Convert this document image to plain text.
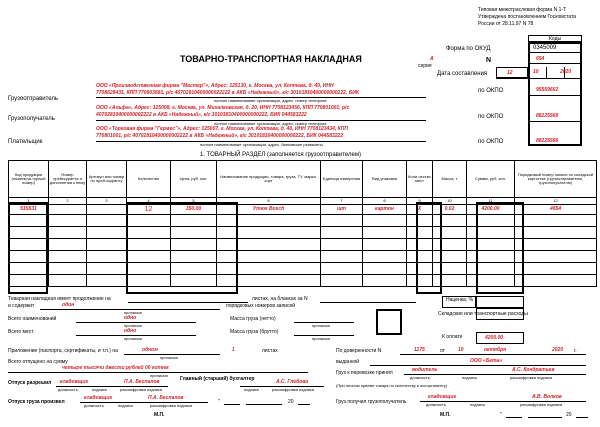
Типовая межотраслевая форма N 1-Т
Утверждена постановлением Госкомстата
России от 28.11.97 N 78
Коды
ТОВАРНО-ТРАНСПОРТНАЯ НАКЛАДНАЯ
Форма по ОКУД	0345009
А
серия
N	654
Дата составления	12	10	2020
Грузоотправитель
ООО «Производственная фирма "Мастер"», Адрес: 125130, г. Москва, ул. Коптева, д. 40, ИНН
7708628431, КПП 770803681, р/с 40702810400000022222 в АКБ «Надежный», к/с 30101810400000000222, БИК
полное наименование организации, адрес, номер телефона
по ОКПО	95569602
Грузополучатель
ООО «Альфа», Адрес: 125008, г. Москва, ул. Михалковская, д. 20, ИНН 7708123456, КПП 770801001, р/с
40702810400000002222 в АКБ «Надежный», к/с 30101810400000000222, БИК 044583222
полное наименование организации, адрес, номер телефона
по ОКПО	88225566
Плательщик
ООО «Торговая фирма "Гермес"», Адрес: 125007, г. Москва, ул. Коптева, д. 40, ИНН 7708123434, КПП
770801001, р/с 40702810400000002222 в АКБ «Надежный», к/с 30101810400000000222, БИК 044583222
полное наименование организации, адрес, банковские реквизиты	по ОКПО	88225566
1. ТОВАРНЫЙ РАЗДЕЛ (заполняется грузоотправителем)
Код продукции (номенкла-турный номер)	Номер прейскуранта и дополнения к нему	Артикул или номер по прей-скуранту	Количество	Цена, руб. коп.	Наименование продукции, товара, груза, ТУ, марка, сорт	Единица измерения	Вид упаковки	Коли-чество мест	Масса, т	Сумма, руб. коп.	Порядковый номер записи по складской картотеке (грузоотправителю, грузополучателю)
1	2	3	4	5	6	7	8	9	10	11	12
515531			12	350.00	Утюг Bosch	шт	картон	Х	0.02	4200.00	4654

Товарная накладная имеет продолжение на	листах, на бланках за N
и содержит	один	порядковых номеров записей
прописью
Наценка, %
Складские или транспортные расходы
Всего наименований	одно
прописью
Масса груза (нетто)
прописью
Всего мест	одно
прописью
Масса груза (брутто)
прописью	К оплате	4200.00
Приложение (паспорта, сертификаты, и т.п.) на	одном
прописью
листах
1
Всего отпущено на сумму
четыре тысячи двести рублей 00 копеек
прописью
По доверенности N	1175	от	10	октября	2020 г.
выданной	ООО «Бета»
Груз к перевозке принял	водитель	А.С. Кондратьев
должность	подпись	расшифровка подписи
Отпуск разрешил кладовщик	П.А. Беспалов
должность	подпись	расшифровка подписи
Главный (старший) бухгалтер	А.С. Глебова
подпись	расшифровка подписи
(При личном приеме товара по количеству и ассортименту)
Отпуск груза произвел
кладовщик	П.А. Беспалов
должность	подпись	расшифровка подписи
М.П.
"	20	Груз получил грузополучатель
кладовщик	А.В. Волков
должность	подпись	расшифровка подписи
М.П.	"	20
